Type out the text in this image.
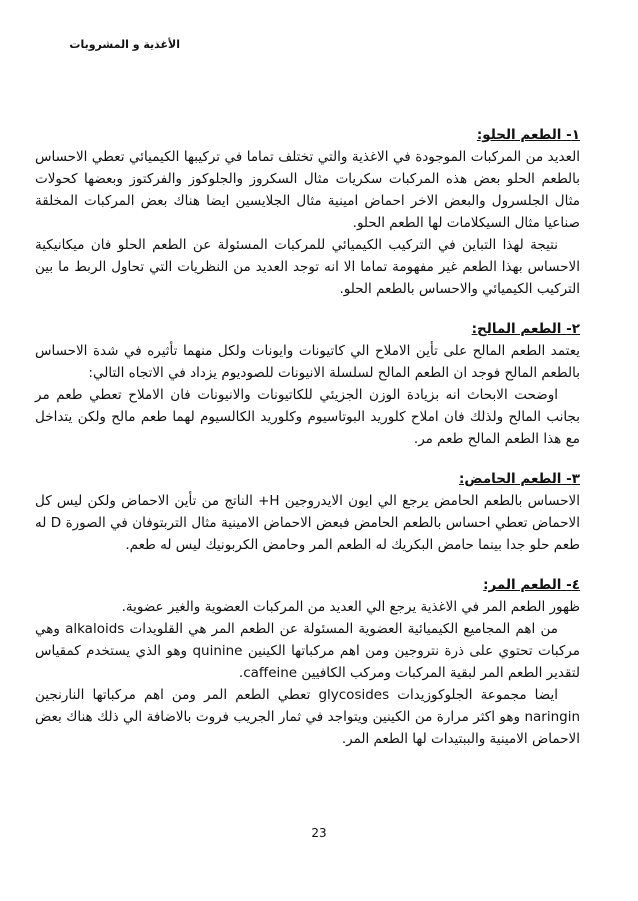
الأغذية و المشروبات
١- الطعم الحلو:

العديد من المركبات الموجودة في الاغذية والتي تختلف تماما في تركيبها الكيميائي تعطي الاحساس بالطعم الحلو بعض هذه المركبات سكريات مثال السكروز والجلوكوز والفركتوز وبعضها كحولات مثال الجلسرول والبعض الاخر احماض امينية مثال الجلايسين ايضا هناك بعض المركبات المخلقة صناعيا مثال السيكلامات لها الطعم الحلو.

نتيجة لهذا التباين في التركيب الكيميائي للمركبات المسئولة عن الطعم الحلو فان ميكانيكية الاحساس بهذا الطعم غير مفهومة تماما الا انه توجد العديد من النظريات التي تحاول الربط ما بين التركيب الكيميائي والاحساس بالطعم الحلو.

٢- الطعم المالح:

يعتمد الطعم المالح على تأين الاملاح الي كاتيونات وايونات ولكل منهما تأثيره في شدة الاحساس بالطعم المالح فوجد ان الطعم المالح لسلسلة الانيونات للصوديوم يزداد في الاتجاه التالي:

اوضحت الابحاث انه بزيادة الوزن الجزيئي للكاتيونات والانيونات فان الاملاح تعطي طعم مر بجانب المالح ولذلك فان املاح كلوريد البوتاسيوم وكلوريد الكالسيوم لهما طعم مالح ولكن يتداخل مع هذا الطعم المالح طعم مر.

٣- الطعم الحامض:

الاحساس بالطعم الحامض يرجع الي ايون الايدروجين H+ الناتج من تأين الاحماض ولكن ليس كل الاحماض تعطي احساس بالطعم الحامض فبعض الاحماض الامينية مثال التربتوفان في الصورة D له طعم حلو جدا بينما حامض البكريك له الطعم المر وحامض الكربونيك ليس له طعم.

٤- الطعم المر:

ظهور الطعم المر في الاغذية يرجع الي العديد من المركبات العضوية والغير عضوية.

من اهم المجاميع الكيميائية العضوية المسئولة عن الطعم المر هي القلويدات alkaloids وهي مركبات تحتوي على ذرة نتروجين ومن اهم مركباتها الكينين quinine وهو الذي يستخدم كمقياس لتقدير الطعم المر لبقية المركبات ومركب الكافيين caffeine.

ايضا مجموعة الجلوكوزيدات glycosides تعطي الطعم المر ومن اهم مركباتها النارنجين naringin وهو اكثر مرارة من الكينين ويتواجد في ثمار الجريب فروت بالاضافة الي ذلك هناك بعض الاحماض الامينية والببتيدات لها الطعم المر.

23
